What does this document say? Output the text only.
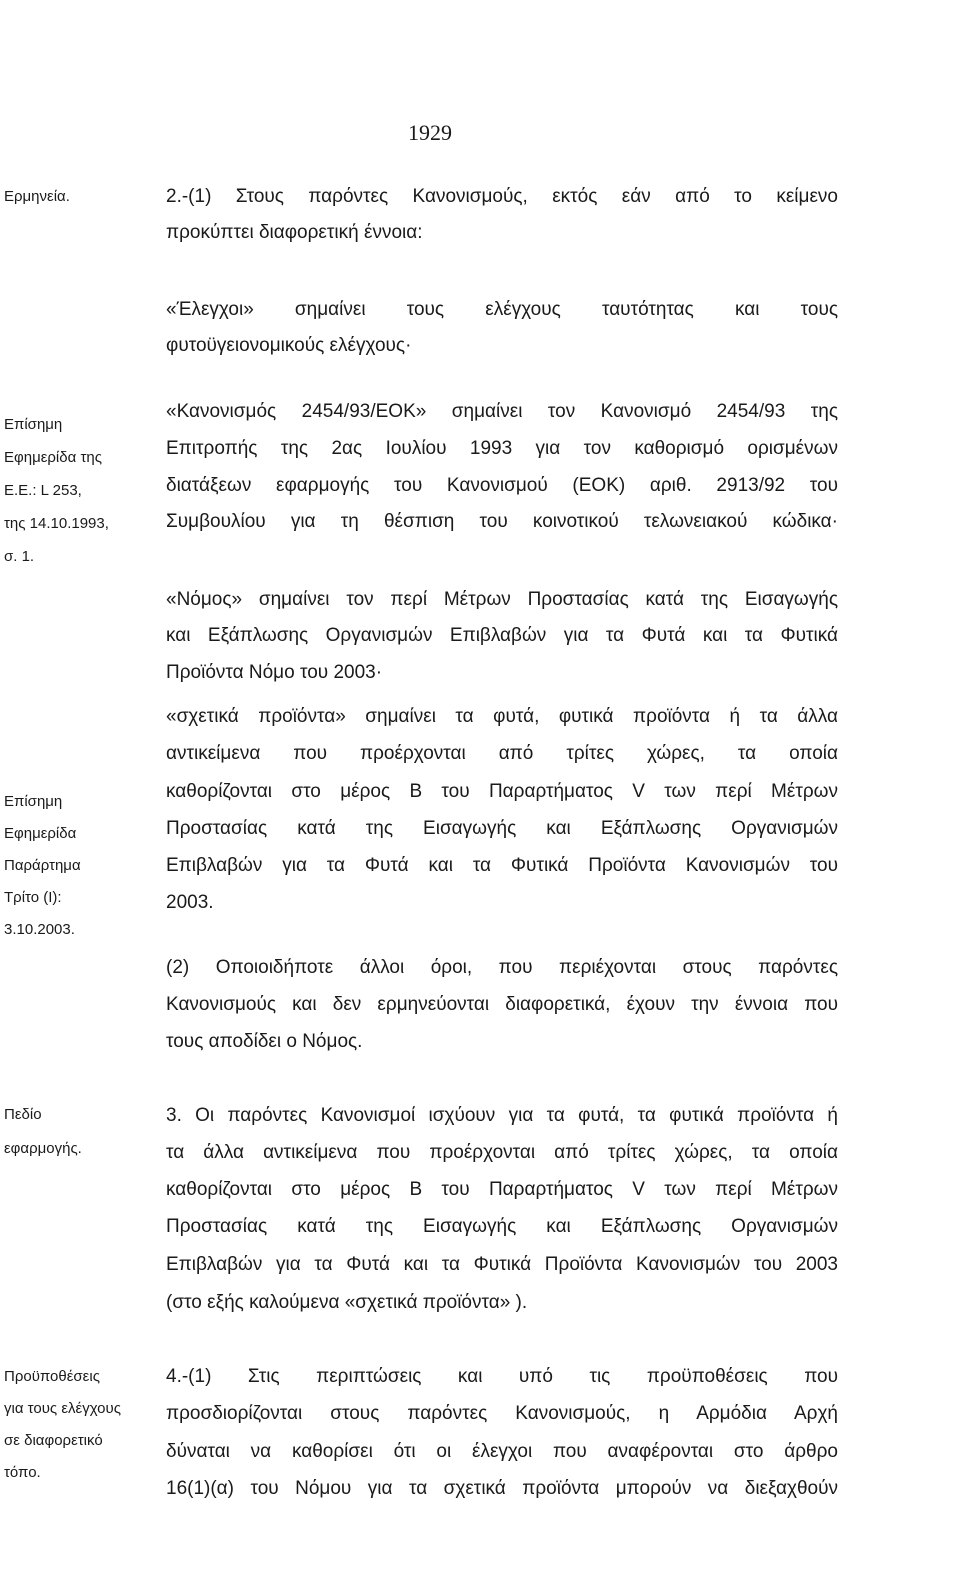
1929
Ερμηνεία.
Επίσημη
Εφημερίδα της
Ε.Ε.: L 253,
της 14.10.1993,
σ. 1.
Επίσημη
Εφημερίδα
Παράρτημα
Τρίτο (Ι):
3.10.2003.
Πεδίο
εφαρμογής.
Προϋποθέσεις
για τους ελέγχους
σε διαφορετικό
τόπο.
2.-(1) Στους παρόντες Κανονισμούς, εκτός εάν από το κείμενο
προκύπτει διαφορετική έννοια:
«Έλεγχοι» σημαίνει τους ελέγχους ταυτότητας και τους
φυτοϋγειονομικούς ελέγχους·
«Κανονισμός 2454/93/ΕΟΚ» σημαίνει τον Κανονισμό 2454/93 της
Επιτροπής της 2ας Ιουλίου 1993 για τον καθορισμό ορισμένων
διατάξεων εφαρμογής του Κανονισμού (ΕΟΚ) αριθ. 2913/92 του
Συμβουλίου για τη θέσπιση του κοινοτικού τελωνειακού κώδικα·
«Νόμος» σημαίνει τον περί Μέτρων Προστασίας κατά της Εισαγωγής
και Εξάπλωσης Οργανισμών Επιβλαβών για τα Φυτά και τα Φυτικά
Προϊόντα Νόμο του 2003·
«σχετικά προϊόντα» σημαίνει τα φυτά, φυτικά προϊόντα ή τα άλλα
αντικείμενα που προέρχονται από τρίτες χώρες, τα οποία
καθορίζονται στο μέρος Β του Παραρτήματος V των περί Μέτρων
Προστασίας κατά της Εισαγωγής και Εξάπλωσης Οργανισμών
Επιβλαβών για τα Φυτά και τα Φυτικά Προϊόντα Κανονισμών του
2003.
(2) Οποιοιδήποτε άλλοι όροι, που περιέχονται στους παρόντες
Κανονισμούς και δεν ερμηνεύονται διαφορετικά, έχουν την έννοια που
τους αποδίδει ο Νόμος.
3. Οι παρόντες Κανονισμοί ισχύουν για τα φυτά, τα φυτικά προϊόντα ή
τα άλλα αντικείμενα που προέρχονται από τρίτες χώρες, τα οποία
καθορίζονται στο μέρος Β του Παραρτήματος V των περί Μέτρων
Προστασίας κατά της Εισαγωγής και Εξάπλωσης Οργανισμών
Επιβλαβών για τα Φυτά και τα Φυτικά Προϊόντα Κανονισμών του 2003
(στο εξής καλούμενα «σχετικά προϊόντα» ).
4.-(1) Στις περιπτώσεις και υπό τις προϋποθέσεις που
προσδιορίζονται στους παρόντες Κανονισμούς, η Αρμόδια Αρχή
δύναται να καθορίσει ότι οι έλεγχοι που αναφέρονται στο άρθρο
16(1)(α) του Νόμου για τα σχετικά προϊόντα μπορούν να διεξαχθούν
